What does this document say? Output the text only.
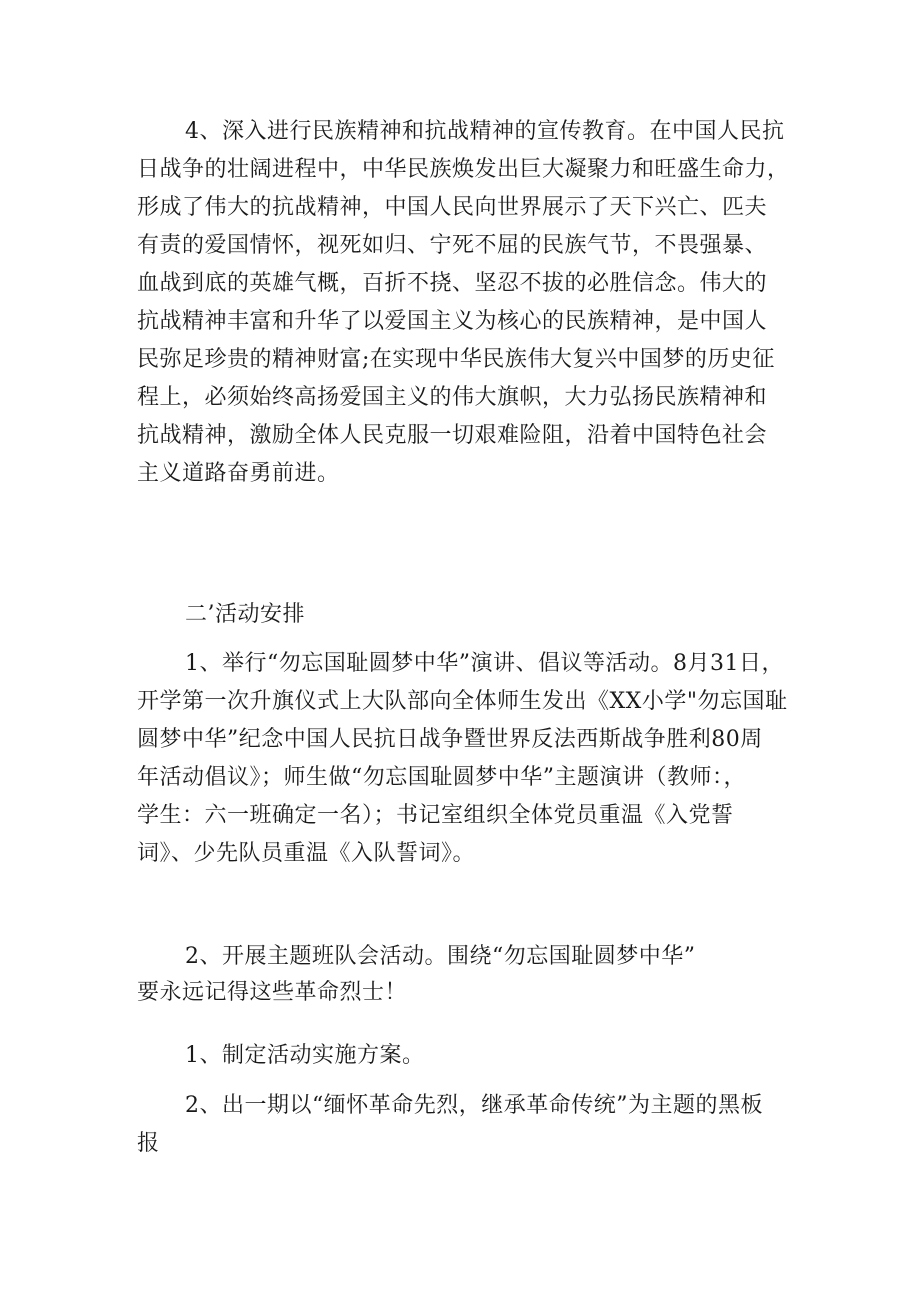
4、深入进行民族精神和抗战精神的宣传教育。在中国人民抗
日战争的壮阔进程中，中华民族焕发出巨大凝聚力和旺盛生命力，
形成了伟大的抗战精神，中国人民向世界展示了天下兴亡、匹夫
有责的爱国情怀，视死如归、宁死不屈的民族气节，不畏强暴、
血战到底的英雄气概，百折不挠、坚忍不拔的必胜信念。伟大的
抗战精神丰富和升华了以爱国主义为核心的民族精神，是中国人
民弥足珍贵的精神财富;在实现中华民族伟大复兴中国梦的历史征
程上，必须始终高扬爱国主义的伟大旗帜，大力弘扬民族精神和
抗战精神，激励全体人民克服一切艰难险阻，沿着中国特色社会
主义道路奋勇前进。
二’活动安排
1、举行“勿忘国耻圆梦中华”演讲、倡议等活动。8月31日，
开学第一次升旗仪式上大队部向全体师生发出《XX小学"勿忘国耻
圆梦中华”纪念中国人民抗日战争暨世界反法西斯战争胜利80周
年活动倡议》；师生做“勿忘国耻圆梦中华”主题演讲（教师：，
学生：六一班确定一名）；书记室组织全体党员重温《入党誓
词》、少先队员重温《入队誓词》。
2、开展主题班队会活动。围绕“勿忘国耻圆梦中华”
要永远记得这些革命烈士！
1、制定活动实施方案。
2、出一期以“缅怀革命先烈，继承革命传统”为主题的黑板
报
